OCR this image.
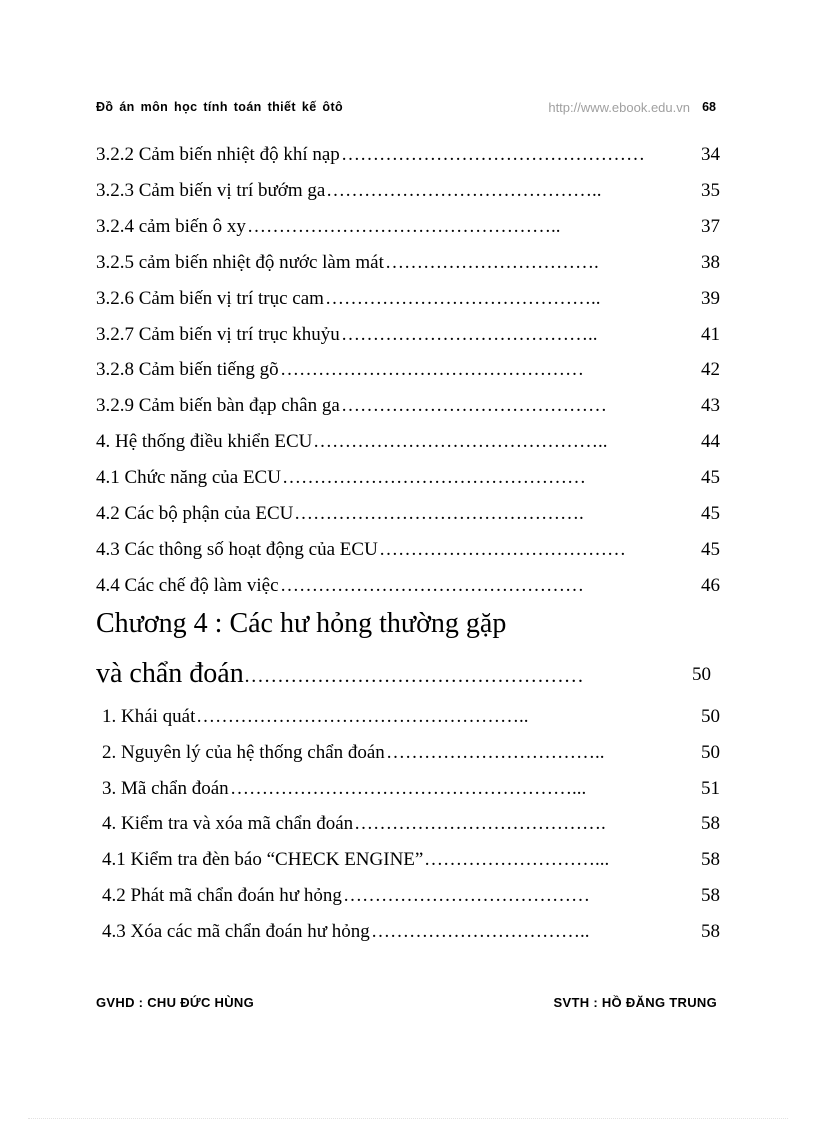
Đồ án môn học tính toán thiết kế ôtô	http://www.ebook.edu.vn 68
3.2.2 Cảm biến nhiệt độ khí nạp …………………………………………	34
3.2.3 Cảm biến vị trí bướm ga ……………………………………..	35
3.2.4 cảm biến ô xy …………………………………………..	37
3.2.5 cảm biến nhiệt độ nước làm mát …………………………….	38
3.2.6 Cảm biến vị trí trục cam ……………………………………..	39
3.2.7 Cảm biến vị trí trục khuỷu …………………………………..	41
3.2.8 Cảm biến tiếng gõ …………………………………………	42
3.2.9 Cảm biến bàn đạp chân ga ……………………………………	43
4. Hệ thống điều khiển ECU ………………………………………..	44
4.1 Chức năng của ECU …………………………………………	45
4.2 Các bộ phận của ECU ……………………………………….	45
4.3 Các thông số hoạt động của ECU …………………………………	45
4.4 Các chế độ làm việc …………………………………………	46
Chương 4 : Các hư hỏng thường gặp
và chẩn đoán……………………………………………	50
1. Khái quát ……………………………………………..	50
2. Nguyên lý của hệ thống chẩn đoán ……………………………..	50
3. Mã chẩn đoán ………………………………………………...	51
4. Kiểm tra và xóa mã chẩn đoán ………………………………….	58
4.1 Kiểm tra đèn báo “CHECK ENGINE” ………………………...	58
4.2 Phát mã chẩn đoán hư hỏng …………………………………	58
4.3 Xóa các mã chẩn đoán hư hỏng ……………………………..	58
GVHD : CHU ĐỨC HÙNG	SVTH : HỒ ĐĂNG TRUNG
